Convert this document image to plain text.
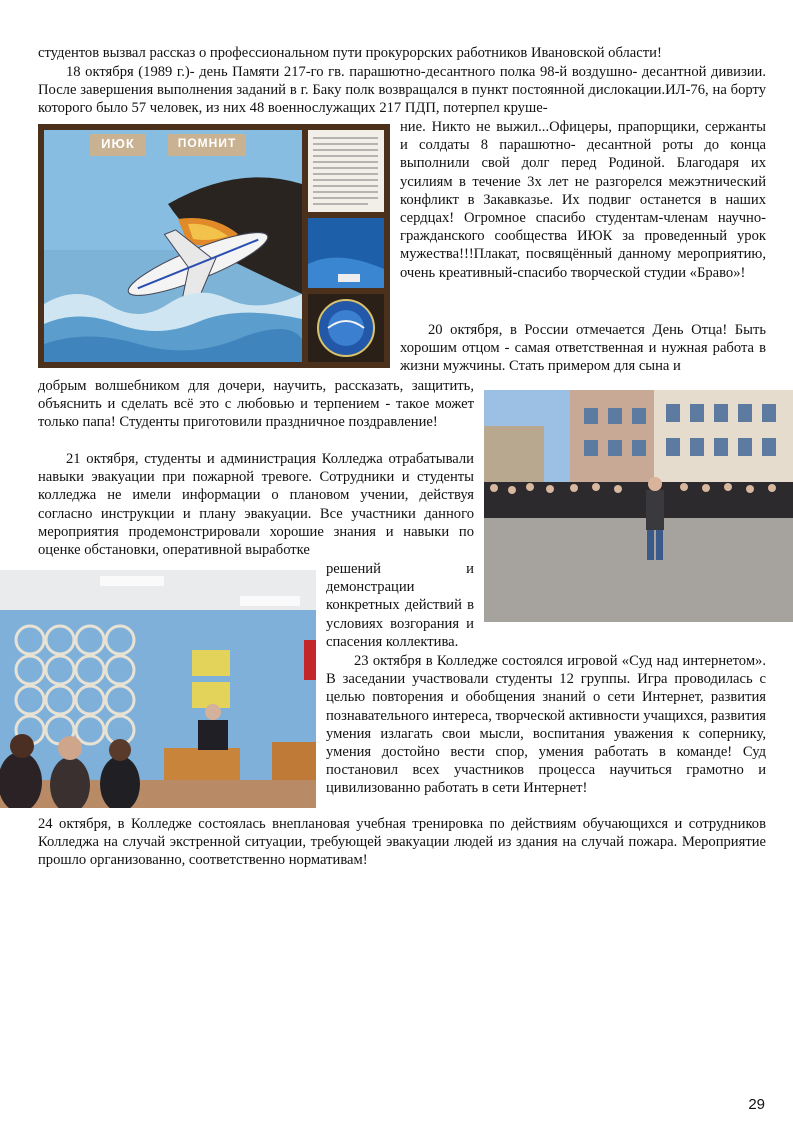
студентов вызвал рассказ о профессиональном пути прокурорских работников Ивановской области!

18 октября (1989 г.)- день Памяти 217-го гв. парашютно-десантного полка 98-й воздушно- десантной дивизии. После завершения выполнения заданий в г. Баку полк возвращался в пункт постоянной дислокации.ИЛ-76, на борту которого было 57 человек, из них 48 военнослужащих 217 ПДП, потерпел круше-

ИЮК	ПОМНИТ

ние. Никто не выжил...Офицеры, прапорщики, сержанты и солдаты 8 парашютно- десантной роты до конца выполнили свой долг перед Родиной. Благодаря их усилиям в течение 3х лет не разгорелся межэтнический конфликт в Закавказье. Их подвиг останется в наших сердцах! Огромное спасибо студентам-членам научно- гражданского сообщества ИЮК за проведенный урок мужества!!!Плакат, посвящённый данному мероприятию, очень креативный-спасибо творческой студии «Браво»!

20 октября, в России отмечается День Отца! Быть хорошим отцом - самая ответственная и нужная работа в жизни мужчины. Стать примером для сына и

добрым волшебником для дочери, научить, рассказать, защитить, объяснить и сделать всё это с любовью и терпением - такое может только папа! Студенты приготовили праздничное поздравление!

21 октября, студенты и администрация Колледжа отрабатывали навыки эвакуации при пожарной тревоге. Сотрудники и студенты колледжа не имели информации о плановом учении, действуя согласно инструкции и плану эвакуации. Все участники данного мероприятия продемонстрировали хорошие знания и навыки по оценке обстановки, оперативной выработке

решений и демонстрации конкретных действий в условиях возгорания и спасения коллектива.

23 октября в Колледже состоялся игровой «Суд над интернетом». В заседании участвовали студенты 12 группы. Игра проводилась с целью повторения и обобщения знаний о сети Интернет, развития познавательного интереса, творческой активности учащихся, развития умения излагать свои мысли, воспитания уважения к сопернику, умения достойно вести спор, умения работать в команде! Суд постановил всех участников процесса научиться грамотно и цивилизованно работать в сети Интернет!

24 октября, в Колледже состоялась внеплановая учебная тренировка по действиям обучающихся и сотрудников Колледжа на случай экстренной ситуации, требующей эвакуации людей из здания на случай пожара. Мероприятие прошло организованно, соответственно нормативам!

29
